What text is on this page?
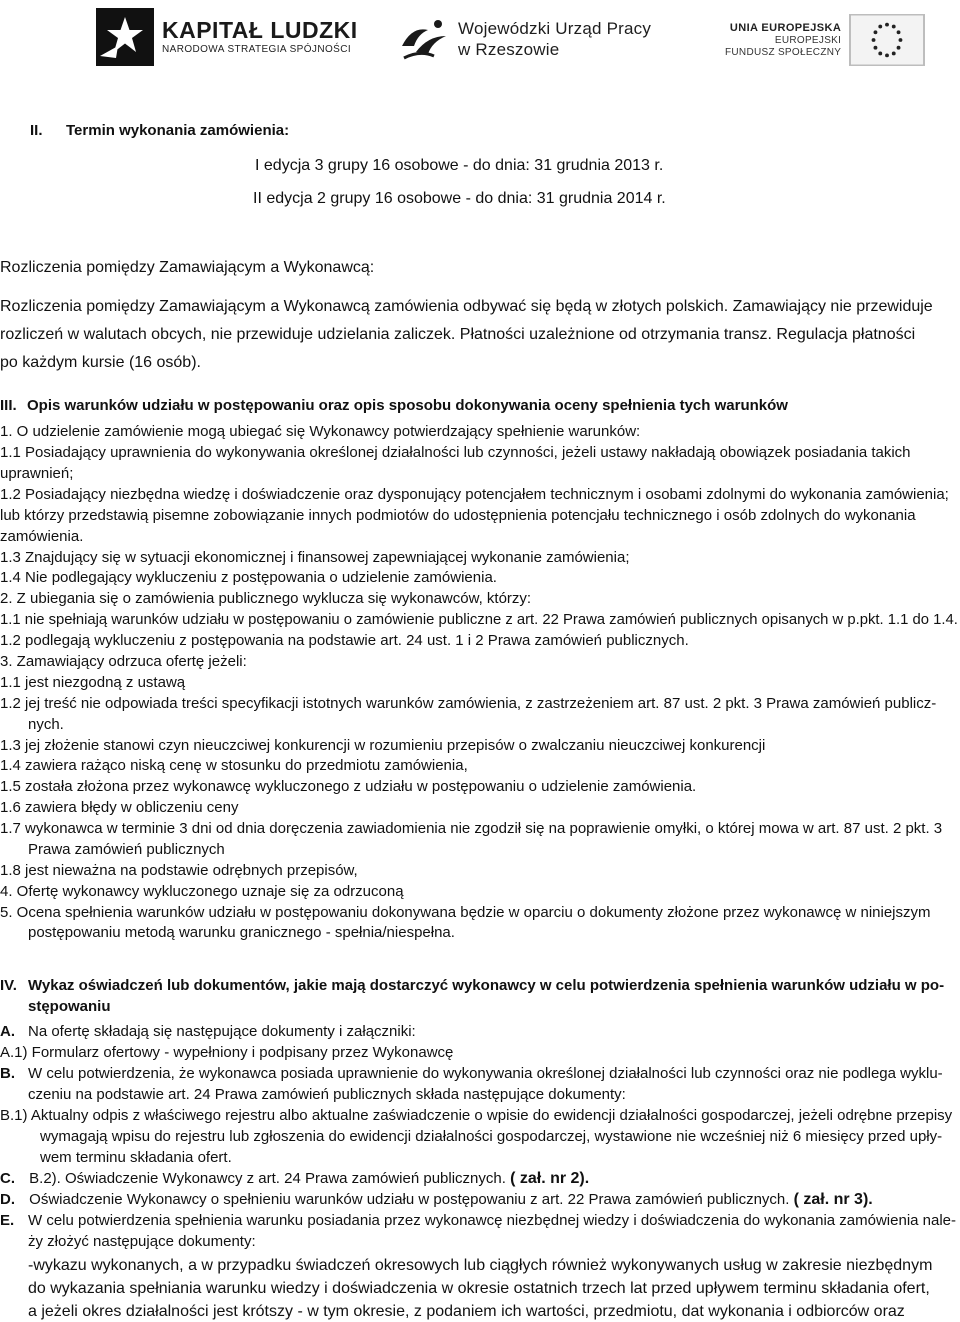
KAPITAŁ LUDZKI
NARODOWA STRATEGIA SPÓJNOŚCI
Wojewódzki Urząd Pracy
w Rzeszowie
UNIA EUROPEJSKA
EUROPEJSKI
FUNDUSZ SPOŁECZNY
II. Termin wykonania zamówienia:
I edycja 3 grupy 16 osobowe - do dnia: 31 grudnia 2013 r.
II edycja 2 grupy 16 osobowe - do dnia: 31 grudnia 2014 r.
Rozliczenia pomiędzy Zamawiającym a Wykonawcą:
Rozliczenia pomiędzy Zamawiającym a Wykonawcą zamówienia odbywać się będą w złotych polskich. Zamawiający nie przewiduje
rozliczeń w walutach obcych, nie przewiduje udzielania zaliczek. Płatności uzależnione od otrzymania transz. Regulacja płatności
po każdym kursie (16 osób).
III. Opis warunków udziału w postępowaniu oraz opis sposobu dokonywania oceny spełnienia tych warunków
1. O udzielenie zamówienie mogą ubiegać się Wykonawcy potwierdzający spełnienie warunków:
1.1 Posiadający uprawnienia do wykonywania określonej działalności lub czynności, jeżeli ustawy nakładają obowiązek posiadania takich
uprawnień;
1.2 Posiadający niezbędna wiedzę i doświadczenie oraz dysponujący potencjałem technicznym i osobami zdolnymi do wykonania zamówienia;
lub którzy przedstawią pisemne zobowiązanie innych podmiotów do udostępnienia potencjału technicznego i osób zdolnych do wykonania
zamówienia.
1.3 Znajdujący się w sytuacji ekonomicznej i finansowej zapewniającej wykonanie zamówienia;
1.4 Nie podlegający wykluczeniu z postępowania o udzielenie zamówienia.
2. Z ubiegania się o zamówienia publicznego wyklucza się wykonawców, którzy:
1.1 nie spełniają warunków udziału w postępowaniu o zamówienie publiczne z art. 22 Prawa zamówień publicznych opisanych w p.pkt. 1.1 do 1.4.
1.2 podlegają wykluczeniu z postępowania na podstawie art. 24 ust. 1 i 2 Prawa zamówień publicznych.
3. Zamawiający odrzuca ofertę jeżeli:
1.1 jest niezgodną z ustawą
1.2 jej treść nie odpowiada treści specyfikacji istotnych warunków zamówienia, z zastrzeżeniem art. 87 ust. 2 pkt. 3 Prawa zamówień publicz-
nych.
1.3 jej złożenie stanowi czyn nieuczciwej konkurencji w rozumieniu przepisów o zwalczaniu nieuczciwej konkurencji
1.4 zawiera rażąco niską cenę w stosunku do przedmiotu zamówienia,
1.5 została złożona przez wykonawcę wykluczonego z udziału w postępowaniu o udzielenie zamówienia.
1.6 zawiera błędy w obliczeniu ceny
1.7 wykonawca w terminie 3 dni od dnia doręczenia zawiadomienia nie zgodził się na poprawienie omyłki, o której mowa w art. 87 ust. 2 pkt. 3
Prawa zamówień publicznych
1.8 jest nieważna na podstawie odrębnych przepisów,
4. Ofertę wykonawcy wykluczonego uznaje się za odrzuconą
5. Ocena spełnienia warunków udziału w postępowaniu dokonywana będzie w oparciu o dokumenty złożone przez wykonawcę w niniejszym
postępowaniu metodą warunku granicznego - spełnia/niespełna.
IV. Wykaz oświadczeń lub dokumentów, jakie mają dostarczyć wykonawcy w celu potwierdzenia spełnienia warunków udziału w po-
stępowaniu
A. Na ofertę składają się następujące dokumenty i załączniki:
A.1) Formularz ofertowy - wypełniony i podpisany przez Wykonawcę
B. W celu potwierdzenia, że wykonawca posiada uprawnienie do wykonywania określonej działalności lub czynności oraz nie podlega wyklu-
czeniu na podstawie art. 24 Prawa zamówień publicznych składa następujące dokumenty:
B.1) Aktualny odpis z właściwego rejestru albo aktualne zaświadczenie o wpisie do ewidencji działalności gospodarczej, jeżeli odrębne przepisy
wymagają wpisu do rejestru lub zgłoszenia do ewidencji działalności gospodarczej, wystawione nie wcześniej niż 6 miesięcy przed upły-
wem terminu składania ofert.
C. B.2). Oświadczenie Wykonawcy z art. 24 Prawa zamówień publicznych. ( zał. nr 2).
D. Oświadczenie Wykonawcy o spełnieniu warunków udziału w postępowaniu z art. 22 Prawa zamówień publicznych. ( zał. nr 3).
E. W celu potwierdzenia spełnienia warunku posiadania przez wykonawcę niezbędnej wiedzy i doświadczenia do wykonania zamówienia nale-
ży złożyć następujące dokumenty:
-wykazu wykonanych, a w przypadku świadczeń okresowych lub ciągłych również wykonywanych usług w zakresie niezbędnym
do wykazania spełniania warunku wiedzy i doświadczenia w okresie ostatnich trzech lat przed upływem terminu składania ofert,
a jeżeli okres działalności jest krótszy - w tym okresie, z podaniem ich wartości, przedmiotu, dat wykonania i odbiorców oraz
